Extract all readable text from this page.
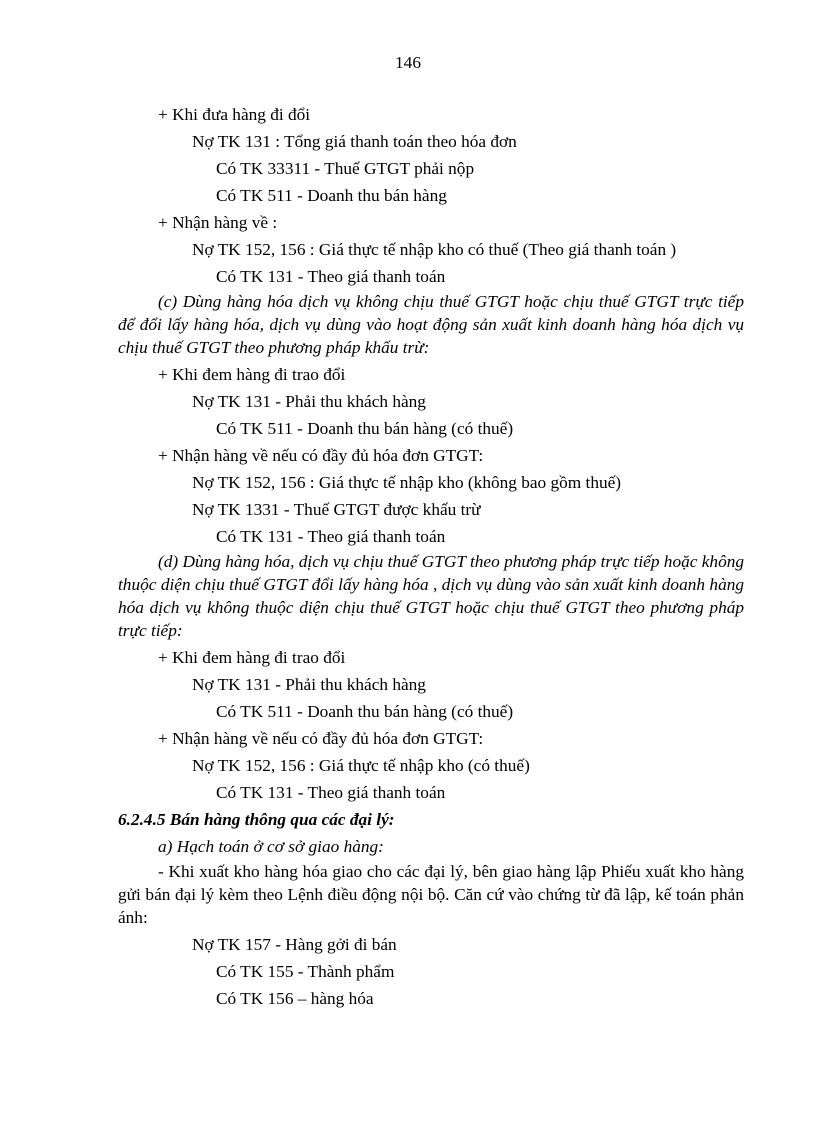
146
+ Khi đưa hàng đi đổi
Nợ TK 131 : Tổng giá thanh toán theo hóa đơn
Có TK 33311 - Thuế GTGT phải nộp
Có TK 511 - Doanh thu bán hàng
+ Nhận hàng về :
Nợ TK 152, 156 : Giá thực tế nhập kho có thuế (Theo giá thanh toán )
Có TK 131 - Theo giá thanh toán
(c) Dùng hàng hóa dịch vụ không chịu thuế GTGT hoặc chịu thuế GTGT trực tiếp để đổi lấy hàng hóa, dịch vụ dùng vào hoạt động sản xuất kinh doanh hàng hóa dịch vụ chịu thuế GTGT theo phương pháp khấu trừ:
+ Khi đem hàng đi trao đổi
Nợ TK 131 - Phải thu khách hàng
Có TK 511 - Doanh thu bán hàng (có thuế)
+ Nhận hàng về nếu có đầy đủ hóa đơn GTGT:
Nợ TK 152, 156 : Giá thực tế nhập kho (không bao gồm thuế)
Nợ TK 1331 - Thuế GTGT được khấu trừ
Có TK 131 - Theo giá thanh toán
(d) Dùng hàng hóa, dịch vụ chịu thuế GTGT theo phương pháp trực tiếp hoặc không thuộc diện chịu thuế GTGT đổi lấy hàng hóa , dịch vụ dùng vào sản xuất kinh doanh hàng hóa dịch vụ không thuộc diện chịu thuế GTGT hoặc chịu thuế GTGT theo phương pháp trực tiếp:
+ Khi đem hàng đi trao đổi
Nợ TK 131 - Phải thu khách hàng
Có TK 511 - Doanh thu bán hàng (có thuế)
+ Nhận hàng về nếu có đầy đủ hóa đơn GTGT:
Nợ TK 152, 156 : Giá thực tế nhập kho (có thuế)
Có TK 131 - Theo giá thanh toán
6.2.4.5 Bán hàng thông qua các đại lý:
a) Hạch toán ở cơ sở giao hàng:
- Khi xuất kho hàng hóa giao cho các đại lý, bên giao hàng lập Phiếu xuất kho hàng gửi bán đại lý kèm theo Lệnh điều động nội bộ. Căn cứ vào chứng từ đã lập, kế toán phản ánh:
Nợ TK 157 - Hàng gởi đi bán
Có TK 155 - Thành phẩm
Có TK 156 – hàng hóa
